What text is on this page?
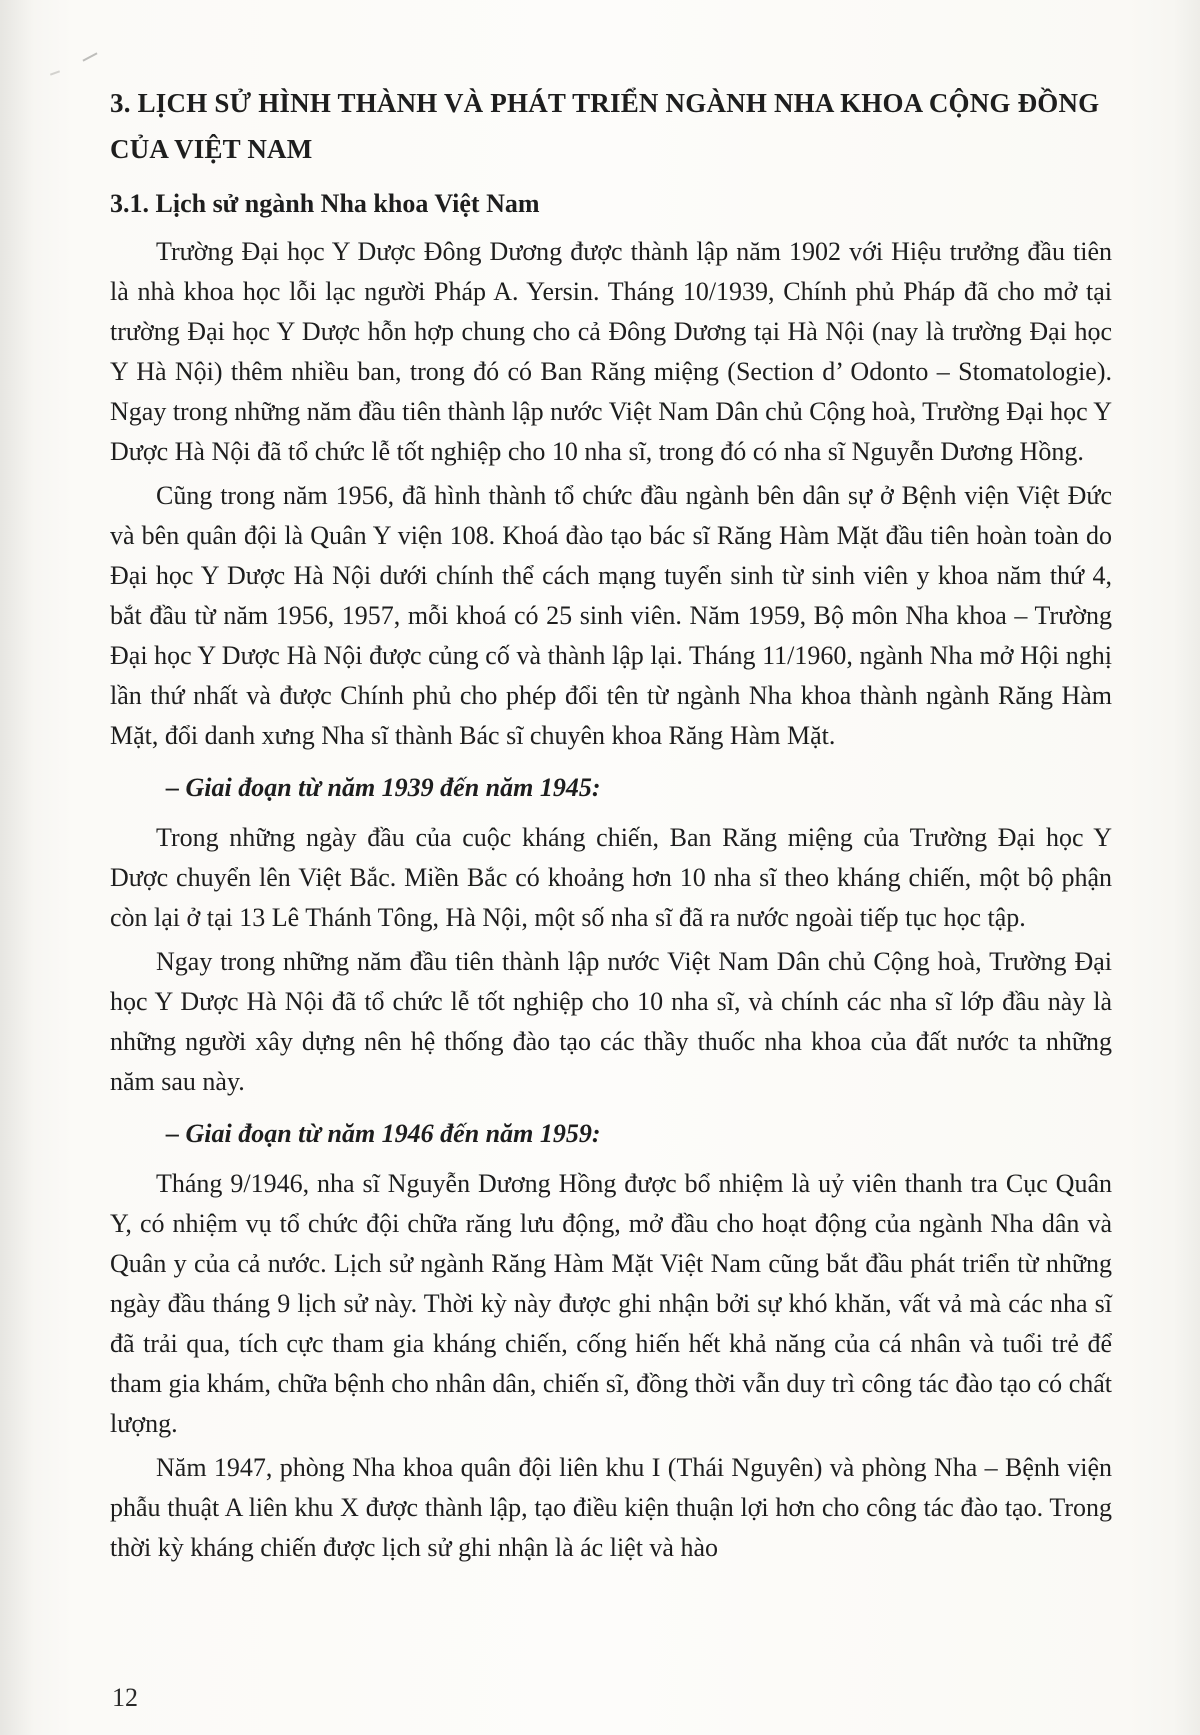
3. LỊCH SỬ HÌNH THÀNH VÀ PHÁT TRIỂN NGÀNH NHA KHOA CỘNG ĐỒNG
CỦA VIỆT NAM
3.1. Lịch sử ngành Nha khoa Việt Nam

Trường Đại học Y Dược Đông Dương được thành lập năm 1902 với Hiệu trưởng đầu tiên là nhà khoa học lỗi lạc người Pháp A. Yersin. Tháng 10/1939, Chính phủ Pháp đã cho mở tại trường Đại học Y Dược hỗn hợp chung cho cả Đông Dương tại Hà Nội (nay là trường Đại học Y Hà Nội) thêm nhiều ban, trong đó có Ban Răng miệng (Section d’ Odonto – Stomatologie). Ngay trong những năm đầu tiên thành lập nước Việt Nam Dân chủ Cộng hoà, Trường Đại học Y Dược Hà Nội đã tổ chức lễ tốt nghiệp cho 10 nha sĩ, trong đó có nha sĩ Nguyễn Dương Hồng.

Cũng trong năm 1956, đã hình thành tổ chức đầu ngành bên dân sự ở Bệnh viện Việt Đức và bên quân đội là Quân Y viện 108. Khoá đào tạo bác sĩ Răng Hàm Mặt đầu tiên hoàn toàn do Đại học Y Dược Hà Nội dưới chính thể cách mạng tuyển sinh từ sinh viên y khoa năm thứ 4, bắt đầu từ năm 1956, 1957, mỗi khoá có 25 sinh viên. Năm 1959, Bộ môn Nha khoa – Trường Đại học Y Dược Hà Nội được củng cố và thành lập lại. Tháng 11/1960, ngành Nha mở Hội nghị lần thứ nhất và được Chính phủ cho phép đổi tên từ ngành Nha khoa thành ngành Răng Hàm Mặt, đổi danh xưng Nha sĩ thành Bác sĩ chuyên khoa Răng Hàm Mặt.

– Giai đoạn từ năm 1939 đến năm 1945:

Trong những ngày đầu của cuộc kháng chiến, Ban Răng miệng của Trường Đại học Y Dược chuyển lên Việt Bắc. Miền Bắc có khoảng hơn 10 nha sĩ theo kháng chiến, một bộ phận còn lại ở tại 13 Lê Thánh Tông, Hà Nội, một số nha sĩ đã ra nước ngoài tiếp tục học tập.

Ngay trong những năm đầu tiên thành lập nước Việt Nam Dân chủ Cộng hoà, Trường Đại học Y Dược Hà Nội đã tổ chức lễ tốt nghiệp cho 10 nha sĩ, và chính các nha sĩ lớp đầu này là những người xây dựng nên hệ thống đào tạo các thầy thuốc nha khoa của đất nước ta những năm sau này.

– Giai đoạn từ năm 1946 đến năm 1959:

Tháng 9/1946, nha sĩ Nguyễn Dương Hồng được bổ nhiệm là uỷ viên thanh tra Cục Quân Y, có nhiệm vụ tổ chức đội chữa răng lưu động, mở đầu cho hoạt động của ngành Nha dân và Quân y của cả nước. Lịch sử ngành Răng Hàm Mặt Việt Nam cũng bắt đầu phát triển từ những ngày đầu tháng 9 lịch sử này. Thời kỳ này được ghi nhận bởi sự khó khăn, vất vả mà các nha sĩ đã trải qua, tích cực tham gia kháng chiến, cống hiến hết khả năng của cá nhân và tuổi trẻ để tham gia khám, chữa bệnh cho nhân dân, chiến sĩ, đồng thời vẫn duy trì công tác đào tạo có chất lượng.

Năm 1947, phòng Nha khoa quân đội liên khu I (Thái Nguyên) và phòng Nha – Bệnh viện phẫu thuật A liên khu X được thành lập, tạo điều kiện thuận lợi hơn cho công tác đào tạo. Trong thời kỳ kháng chiến được lịch sử ghi nhận là ác liệt và hào

12
